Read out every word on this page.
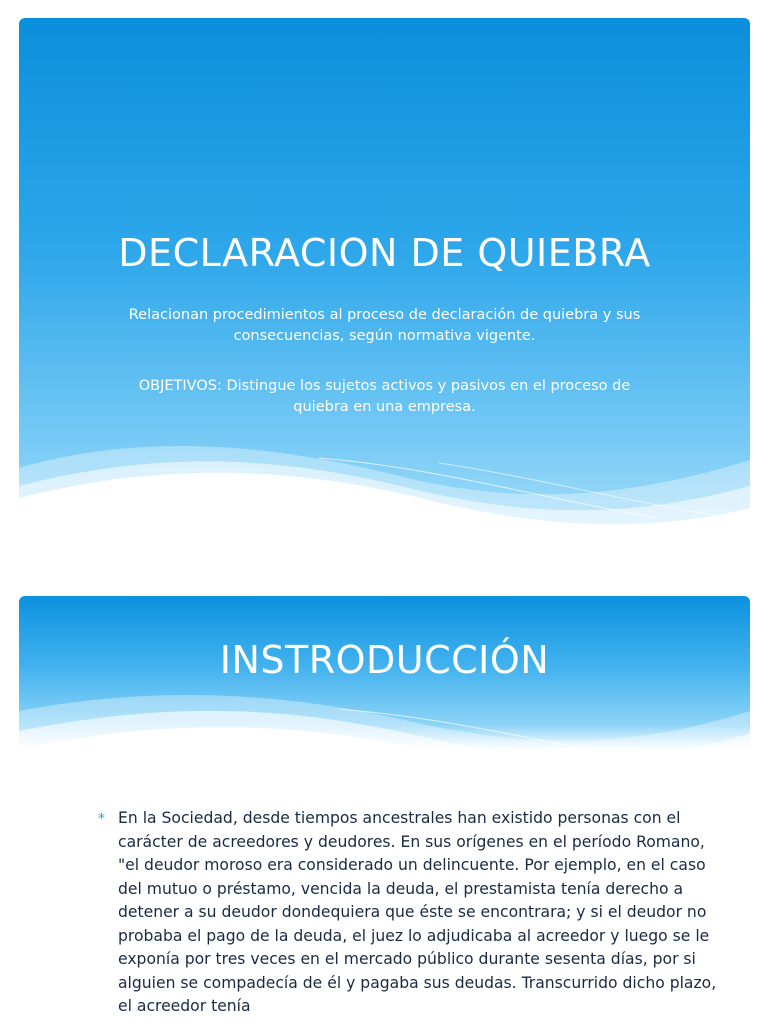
DECLARACION DE QUIEBRA

Relacionan procedimientos al proceso de declaración de quiebra y sus consecuencias, según normativa vigente.

OBJETIVOS: Distingue los sujetos activos y pasivos en el proceso de quiebra en una empresa.

INSTRODUCCIÓN
* En la Sociedad, desde tiempos ancestrales han existido personas con el carácter de acreedores y deudores. En sus orígenes en el período Romano, "el deudor moroso era considerado un delincuente. Por ejemplo, en el caso del mutuo o préstamo, vencida la deuda, el prestamista tenía derecho a detener a su deudor dondequiera que éste se encontrara; y si el deudor no probaba el pago de la deuda, el juez lo adjudicaba al acreedor y luego se le exponía por tres veces en el mercado público durante sesenta días, por si alguien se compadecía de él y pagaba sus deudas. Transcurrido dicho plazo, el acreedor tenía
